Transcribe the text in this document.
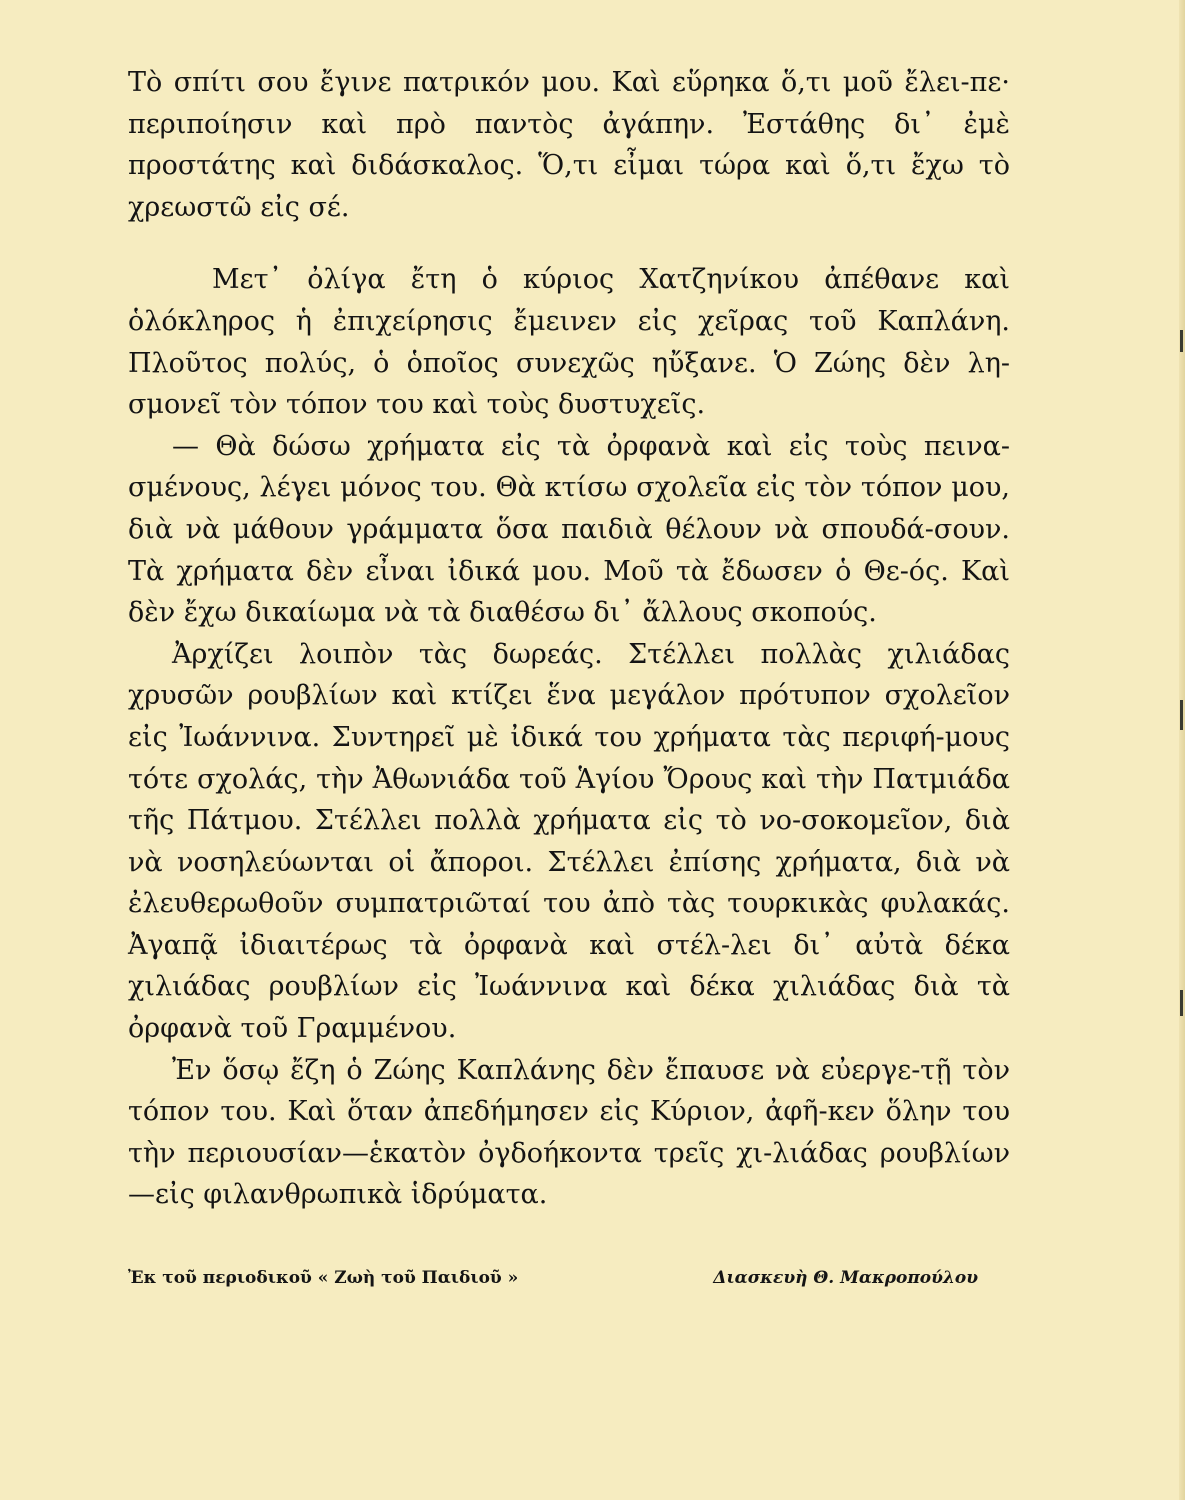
Τὸ σπίτι σου ἔγινε πατρικόν μου. Καὶ εὕρηκα ὅ,τι μοῦ ἔλει-πε· περιποίησιν καὶ πρὸ παντὸς ἀγάπην. Ἐστάθης δι᾽ ἐμὲ προστάτης καὶ διδάσκαλος. Ὅ,τι εἶμαι τώρα καὶ ὅ,τι ἔχω τὸ χρεωστῶ εἰς σέ.

Μετ᾽ ὀλίγα ἔτη ὁ κύριος Χατζηνίκου ἀπέθανε καὶ ὁλόκληρος ἡ ἐπιχείρησις ἔμεινεν εἰς χεῖρας τοῦ Καπλάνη. Πλοῦτος πολύς, ὁ ὁποῖος συνεχῶς ηὔξανε. Ὁ Ζώης δὲν λη-σμονεῖ τὸν τόπον του καὶ τοὺς δυστυχεῖς.

— Θὰ δώσω χρήματα εἰς τὰ ὀρφανὰ καὶ εἰς τοὺς πεινα-σμένους, λέγει μόνος του. Θὰ κτίσω σχολεῖα εἰς τὸν τόπον μου, διὰ νὰ μάθουν γράμματα ὅσα παιδιὰ θέλουν νὰ σπουδά-σουν. Τὰ χρήματα δὲν εἶναι ἰδικά μου. Μοῦ τὰ ἔδωσεν ὁ Θε-ός. Καὶ δὲν ἔχω δικαίωμα νὰ τὰ διαθέσω δι᾽ ἄλλους σκοπούς.

Ἀρχίζει λοιπὸν τὰς δωρεάς. Στέλλει πολλὰς χιλιάδας χρυσῶν ρουβλίων καὶ κτίζει ἕνα μεγάλον πρότυπον σχολεῖον εἰς Ἰωάννινα. Συντηρεῖ μὲ ἰδικά του χρήματα τὰς περιφή-μους τότε σχολάς, τὴν Ἀθωνιάδα τοῦ Ἁγίου Ὄρους καὶ τὴν Πατμιάδα τῆς Πάτμου. Στέλλει πολλὰ χρήματα εἰς τὸ νο-σοκομεῖον, διὰ νὰ νοσηλεύωνται οἱ ἄποροι. Στέλλει ἐπίσης χρήματα, διὰ νὰ ἐλευθερωθοῦν συμπατριῶταί του ἀπὸ τὰς τουρκικὰς φυλακάς. Ἀγαπᾷ ἰδιαιτέρως τὰ ὀρφανὰ καὶ στέλ-λει δι᾽ αὐτὰ δέκα χιλιάδας ρουβλίων εἰς Ἰωάννινα καὶ δέκα χιλιάδας διὰ τὰ ὀρφανὰ τοῦ Γραμμένου.

Ἐν ὅσῳ ἔζη ὁ Ζώης Καπλάνης δὲν ἔπαυσε νὰ εὐεργε-τῇ τὸν τόπον του. Καὶ ὅταν ἀπεδήμησεν εἰς Κύριον, ἀφῆ-κεν ὅλην του τὴν περιουσίαν—ἑκατὸν ὀγδοήκοντα τρεῖς χι-λιάδας ρουβλίων—εἰς φιλανθρωπικὰ ἱδρύματα.

Ἐκ τοῦ περιοδικοῦ « Ζωὴ τοῦ Παιδιοῦ »	Διασκευὴ Θ. Μακροπούλου
